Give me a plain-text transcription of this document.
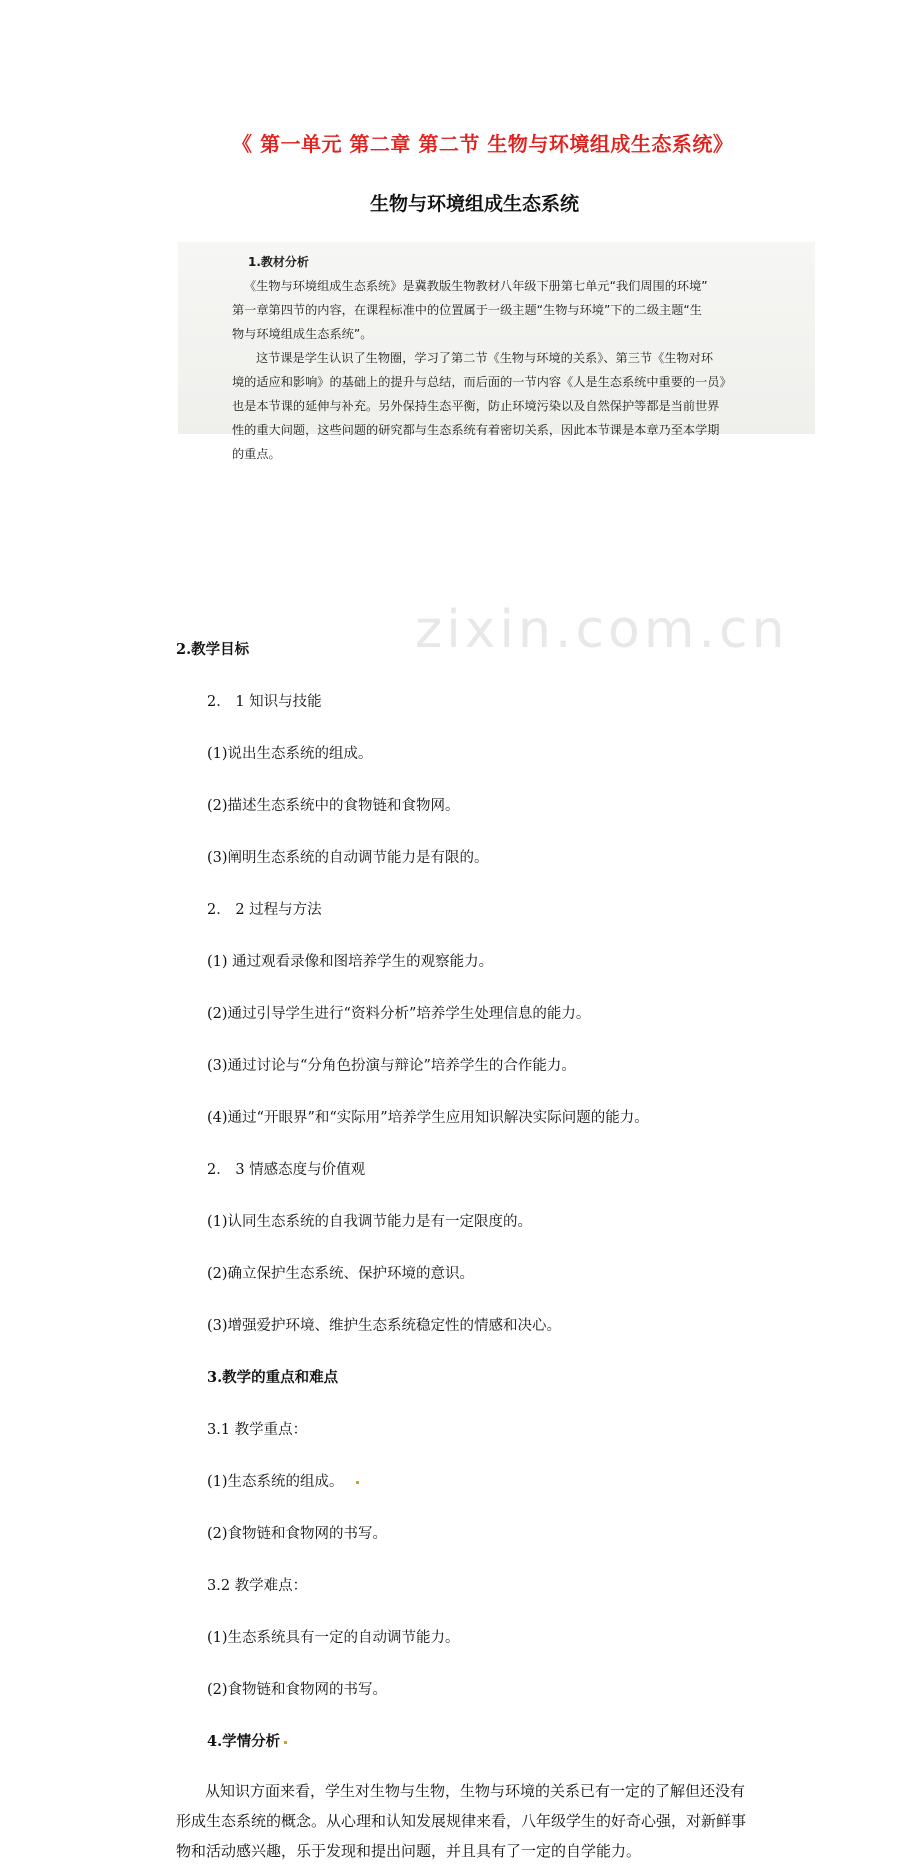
zixin.com.cn
《 第一单元 第二章 第二节 生物与环境组成生态系统》
生物与环境组成生态系统
1.教材分析
《生物与环境组成生态系统》是冀教版生物教材八年级下册第七单元“我们周围的环境”
第一章第四节的内容，在课程标准中的位置属于一级主题“生物与环境”下的二级主题“生
物与环境组成生态系统”。
这节课是学生认识了生物圈，学习了第二节《生物与环境的关系》、第三节《生物对环
境的适应和影响》的基础上的提升与总结，而后面的一节内容《人是生态系统中重要的一员》
也是本节课的延伸与补充。另外保持生态平衡，防止环境污染以及自然保护等都是当前世界
性的重大问题，这些问题的研究都与生态系统有着密切关系，因此本节课是本章乃至本学期
的重点。
2.教学目标
2． 1 知识与技能
(1)说出生态系统的组成。
(2)描述生态系统中的食物链和食物网。
(3)阐明生态系统的自动调节能力是有限的。
2． 2 过程与方法
(1) 通过观看录像和图培养学生的观察能力。
(2)通过引导学生进行“资料分析”培养学生处理信息的能力。
(3)通过讨论与“分角色扮演与辩论”培养学生的合作能力。
(4)通过“开眼界”和“实际用”培养学生应用知识解决实际问题的能力。
2． 3 情感态度与价值观
(1)认同生态系统的自我调节能力是有一定限度的。
(2)确立保护生态系统、保护环境的意识。
(3)增强爱护环境、维护生态系统稳定性的情感和决心。
3.教学的重点和难点
3.1 教学重点：
(1)生态系统的组成。
(2)食物链和食物网的书写。
3.2 教学难点：
(1)生态系统具有一定的自动调节能力。
(2)食物链和食物网的书写。
4.学情分析
从知识方面来看，学生对生物与生物，生物与环境的关系已有一定的了解但还没有
形成生态系统的概念。从心理和认知发展规律来看，八年级学生的好奇心强，对新鲜事
物和活动感兴趣，乐于发现和提出问题，并且具有了一定的自学能力。
